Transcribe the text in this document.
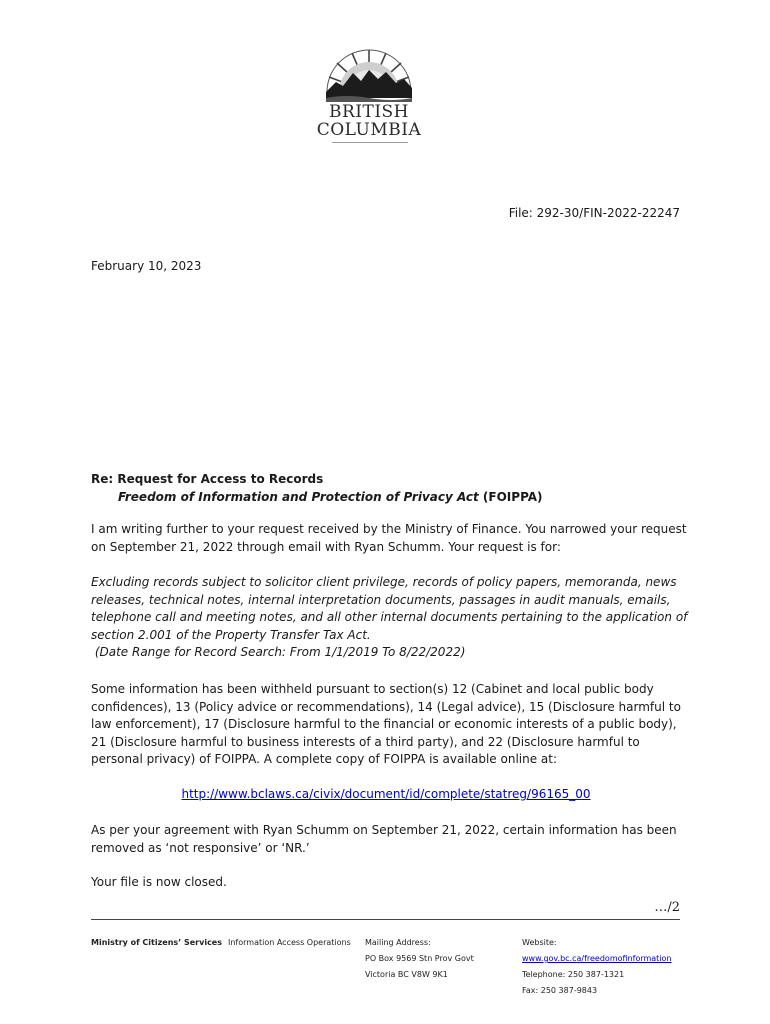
BRITISH
COLUMBIA
File: 292-30/FIN-2022-22247
February 10, 2023
Re: Request for Access to Records
Freedom of Information and Protection of Privacy Act (FOIPPA)

I am writing further to your request received by the Ministry of Finance. You narrowed your request on September 21, 2022 through email with Ryan Schumm. Your request is for:

Excluding records subject to solicitor client privilege, records of policy papers, memoranda, news releases, technical notes, internal interpretation documents, passages in audit manuals, emails, telephone call and meeting notes, and all other internal documents pertaining to the application of section 2.001 of the Property Transfer Tax Act.
(Date Range for Record Search: From 1/1/2019 To 8/22/2022)

Some information has been withheld pursuant to section(s) 12 (Cabinet and local public body confidences), 13 (Policy advice or recommendations), 14 (Legal advice), 15 (Disclosure harmful to law enforcement), 17 (Disclosure harmful to the financial or economic interests of a public body), 21 (Disclosure harmful to business interests of a third party), and 22 (Disclosure harmful to personal privacy) of FOIPPA. A complete copy of FOIPPA is available online at:

http://www.bclaws.ca/civix/document/id/complete/statreg/96165_00

As per your agreement with Ryan Schumm on September 21, 2022, certain information has been removed as ‘not responsive’ or ‘NR.’

Your file is now closed.

…/2
Ministry of Citizens’ Services Information Access Operations Mailing Address:
PO Box 9569 Stn Prov Govt
Victoria BC V8W 9K1
Website:
www.gov.bc.ca/freedomofinformation
Telephone: 250 387-1321
Fax: 250 387-9843
